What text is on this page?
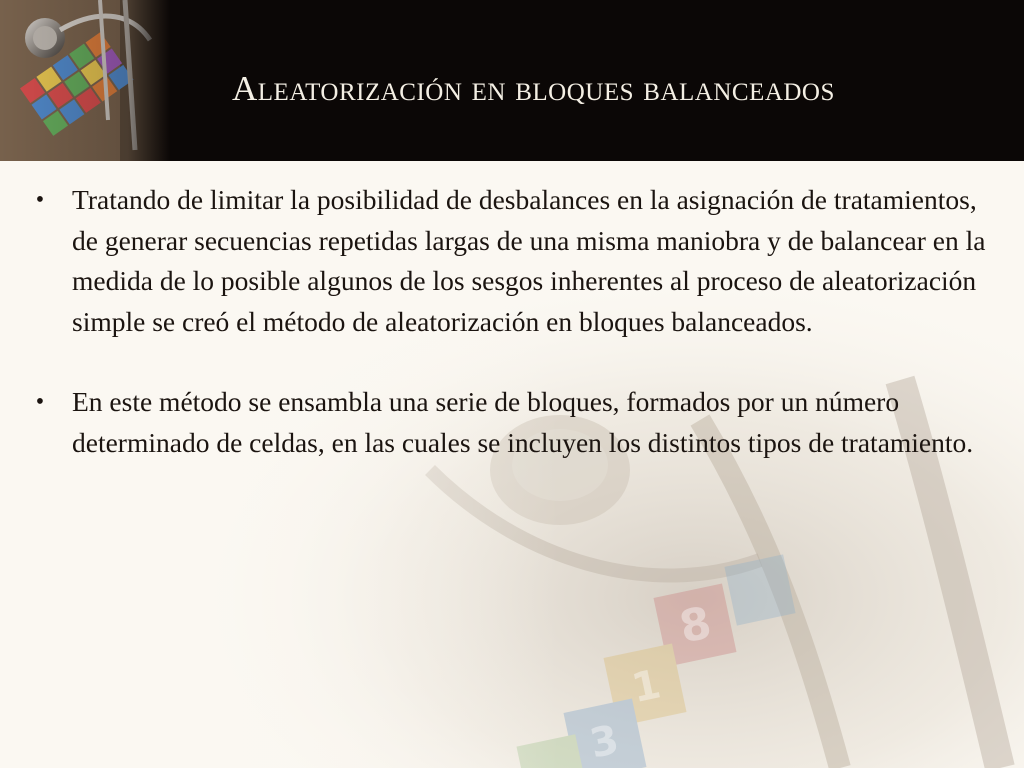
8
1
3
Aleatorización en bloques balanceados
• Tratando de limitar la posibilidad de desbalances en la asignación de tratamientos, de generar secuencias repetidas largas de una misma maniobra y de balancear en la medida de lo posible algunos de los sesgos inherentes al proceso de aleatorización simple se creó el método de aleatorización en bloques balanceados.
• En este método se ensambla una serie de bloques, formados por un número determinado de celdas, en las cuales se incluyen los distintos tipos de tratamiento.
